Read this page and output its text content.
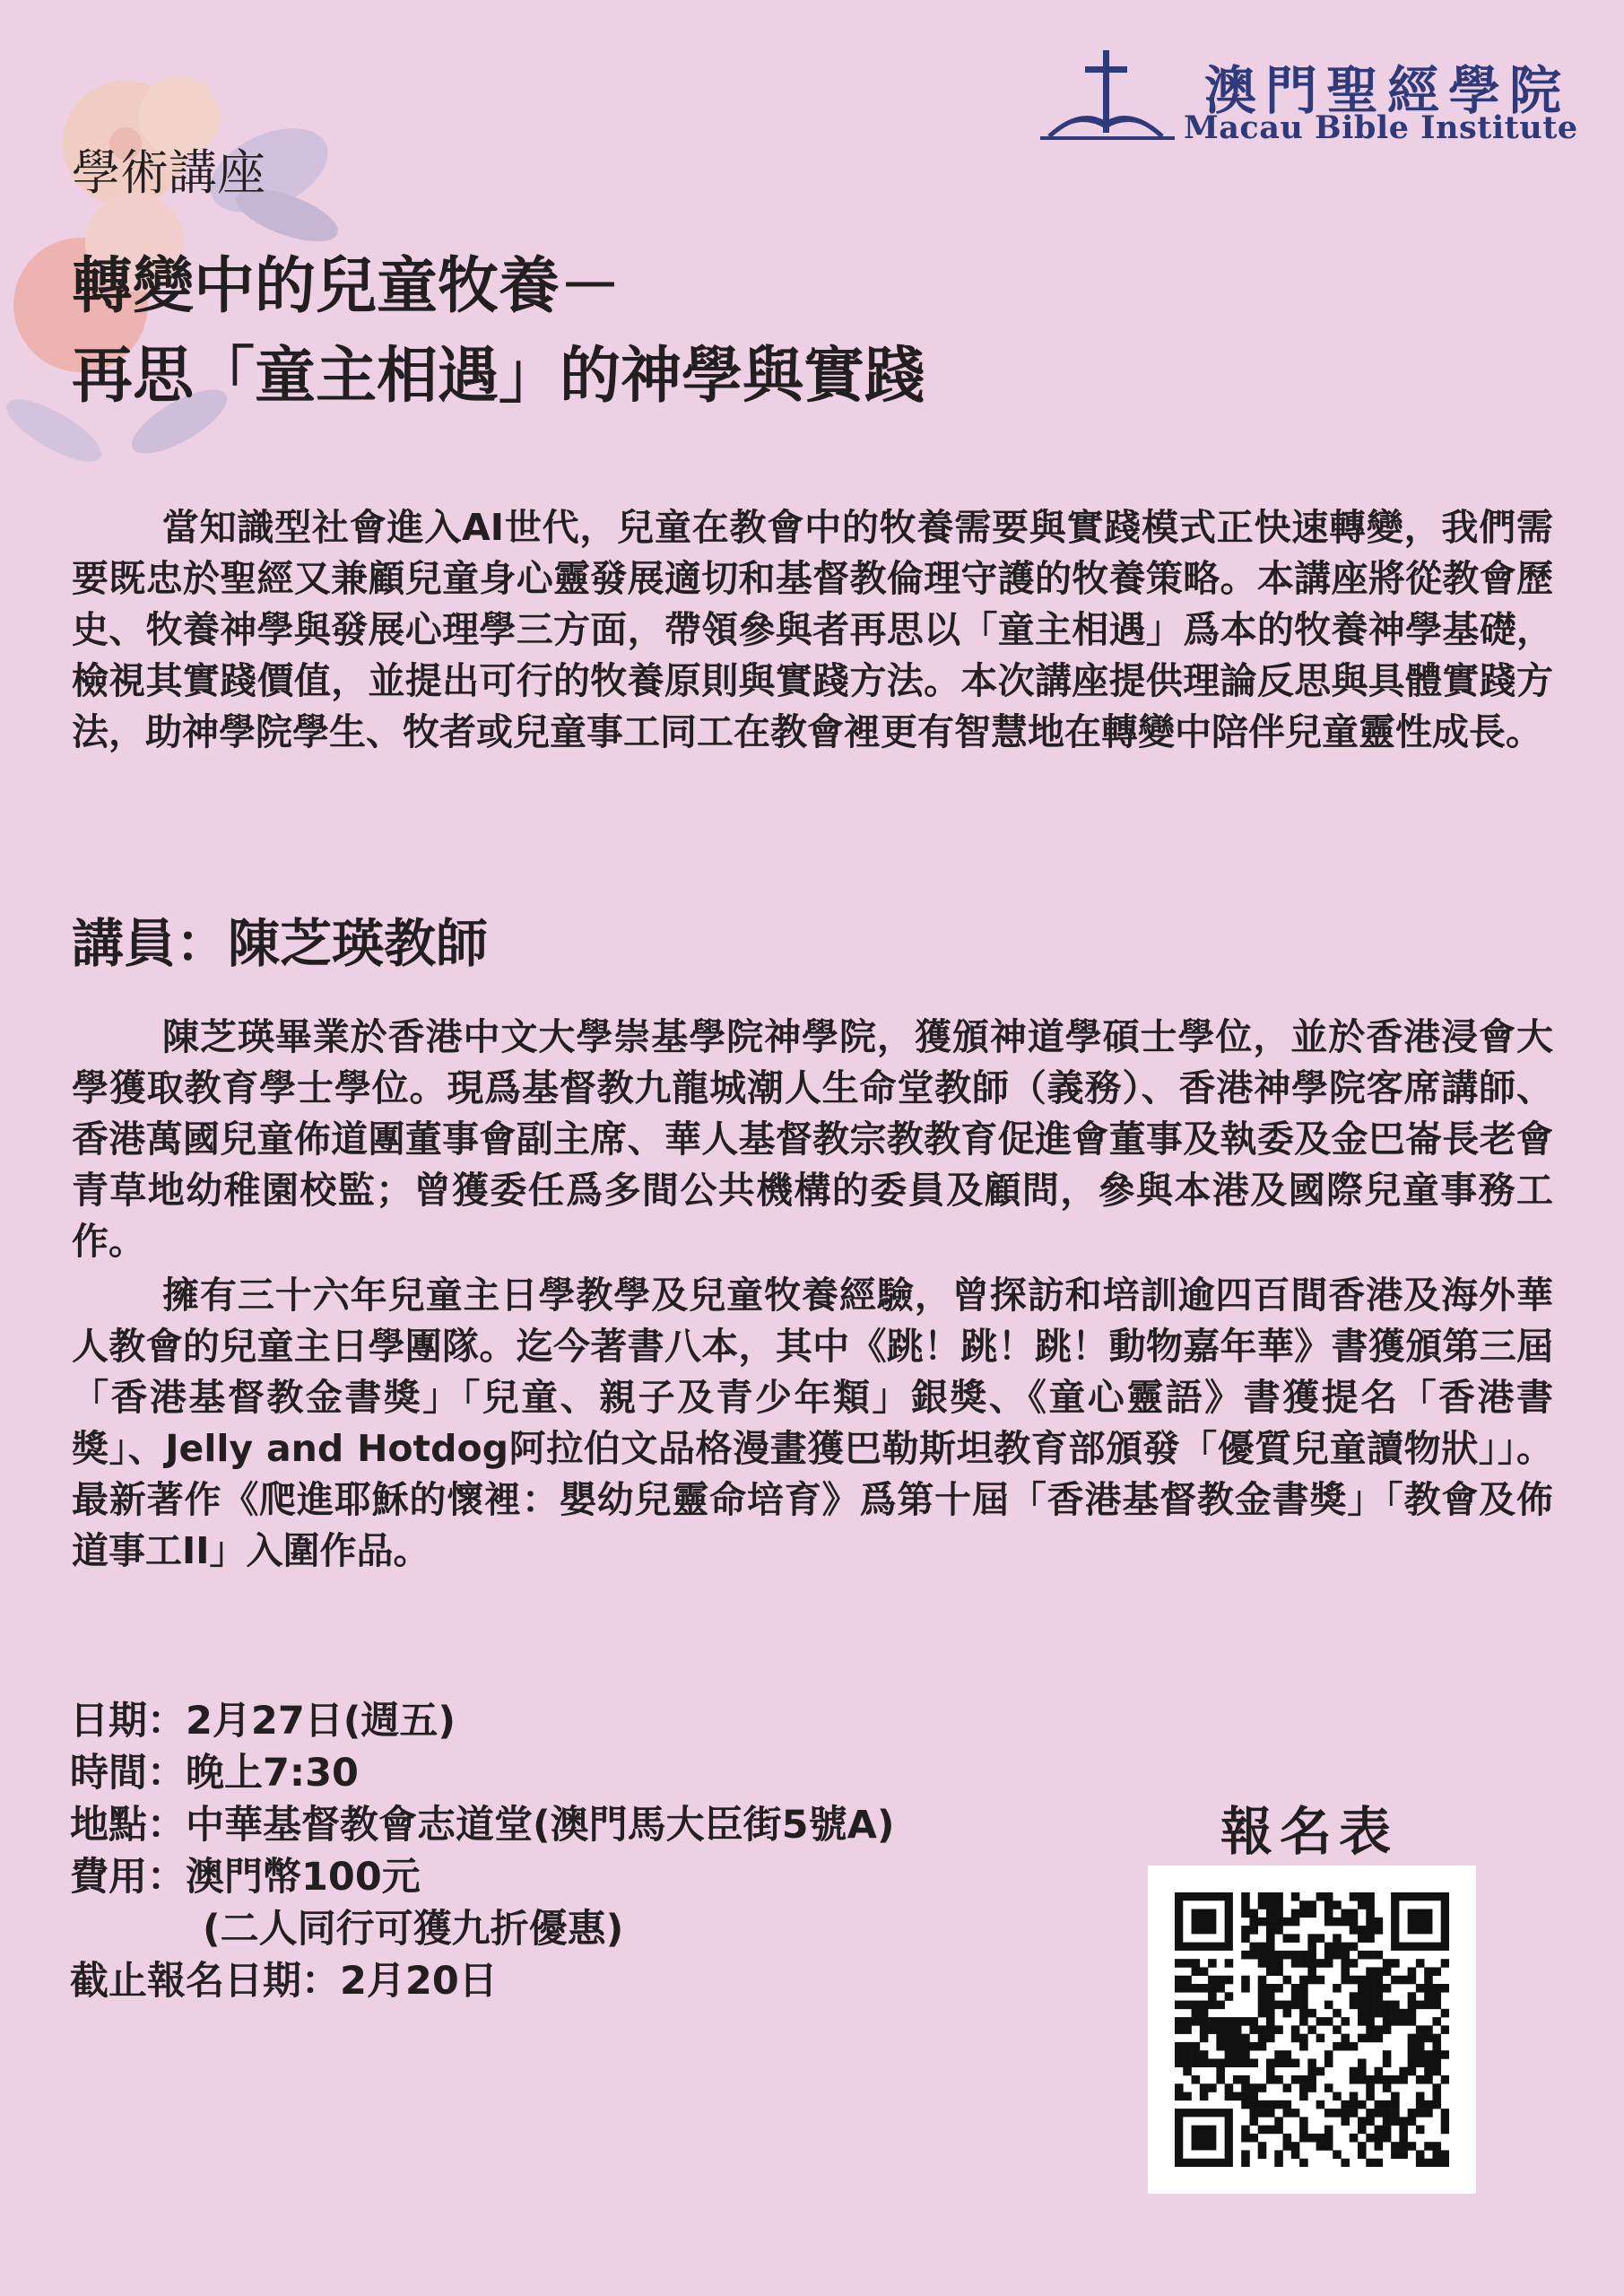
澳門聖經學院
Macau Bible Institute
學術講座
轉變中的兒童牧養－
再思「童主相遇」的神學與實踐

當知識型社會進入AI世代，兒童在教會中的牧養需要與實踐模式正快速轉變，我們需要既忠於聖經又兼顧兒童身心靈發展適切和基督教倫理守護的牧養策略。本講座將從教會歷史、牧養神學與發展心理學三方面，帶領參與者再思以「童主相遇」爲本的牧養神學基礎，檢視其實踐價值，並提出可行的牧養原則與實踐方法。本次講座提供理論反思與具體實踐方法，助神學院學生、牧者或兒童事工同工在教會裡更有智慧地在轉變中陪伴兒童靈性成長。

講員：陳芝瑛教師

陳芝瑛畢業於香港中文大學崇基學院神學院，獲頒神道學碩士學位，並於香港浸會大學獲取教育學士學位。現爲基督教九龍城潮人生命堂教師（義務）、香港神學院客席講師、香港萬國兒童佈道團董事會副主席、華人基督教宗教教育促進會董事及執委及金巴崙長老會青草地幼稚園校監；曾獲委任爲多間公共機構的委員及顧問，參與本港及國際兒童事務工作。

擁有三十六年兒童主日學教學及兒童牧養經驗，曾探訪和培訓逾四百間香港及海外華人教會的兒童主日學團隊。迄今著書八本，其中《跳！跳！跳！動物嘉年華》書獲頒第三屆「香港基督教金書獎」「兒童、親子及青少年類」銀獎、《童心靈語》書獲提名「香港書獎」、Jelly and Hotdog阿拉伯文品格漫畫獲巴勒斯坦教育部頒發「優質兒童讀物狀」」。最新著作《爬進耶穌的懷裡：嬰幼兒靈命培育》爲第十屆「香港基督教金書獎」「教會及佈道事工II」入圍作品。

日期：2月27日(週五)
時間：晚上7:30
地點：中華基督教會志道堂(澳門馬大臣街5號A)
費用：澳門幣100元
(二人同行可獲九折優惠)
截止報名日期：2月20日
報名表
